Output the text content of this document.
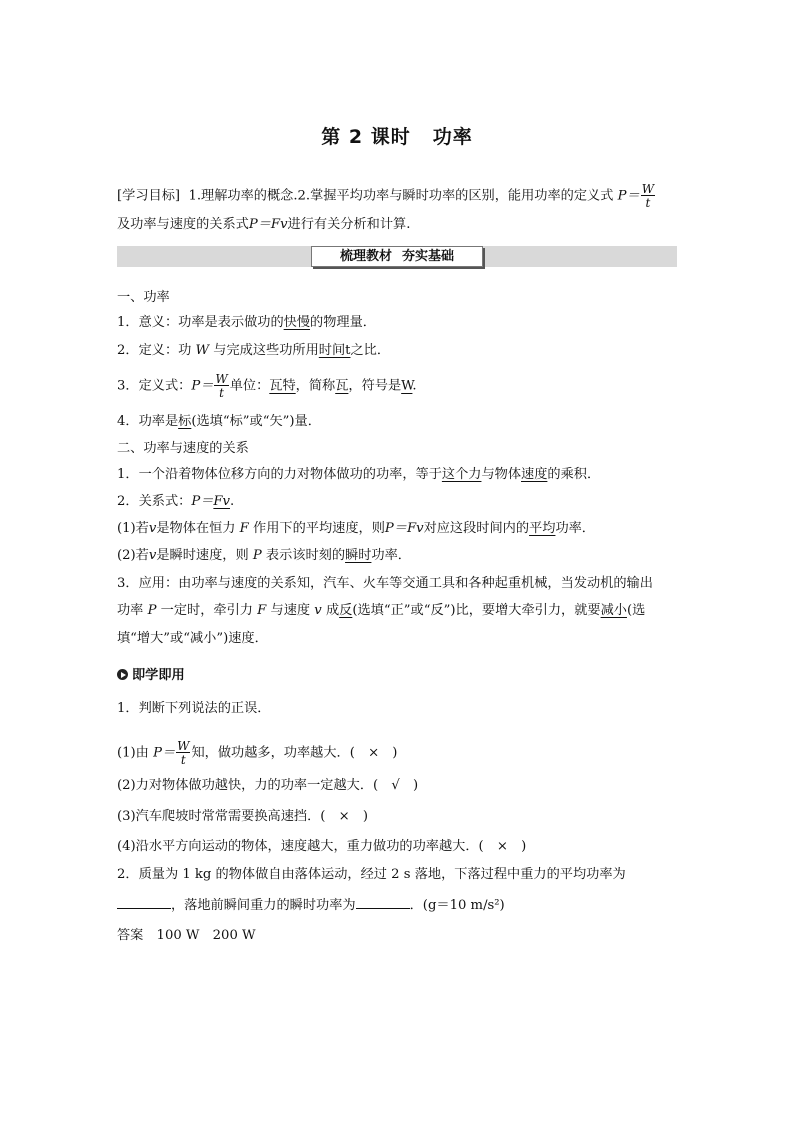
第 2 课时 功率
[学习目标] 1.理解功率的概念.2.掌握平均功率与瞬时功率的区别，能用功率的定义式 $P= \frac{W}{t}$
及功率与速度的关系式P＝Fv进行有关分析和计算.
梳理教材 夯实基础
一、功率
1．意义：功率是表示做功的快慢的物理量．
2．定义：功 W 与完成这些功所用时间t之比．
3．定义式：$P= \frac{W}{t}$ 单位：瓦特，简称瓦，符号是W.
4．功率是标(选填“标”或“矢”)量．
二、功率与速度的关系
1．一个沿着物体位移方向的力对物体做功的功率，等于这个力与物体速度的乘积．
2．关系式：P＝Fv.
(1)若v是物体在恒力 F 作用下的平均速度，则P＝Fv对应这段时间内的平均功率．
(2)若v是瞬时速度，则 P 表示该时刻的瞬时功率．
3．应用：由功率与速度的关系知，汽车、火车等交通工具和各种起重机械，当发动机的输出
功率 P 一定时，牵引力 F 与速度 v 成反(选填“正”或“反”)比，要增大牵引力，就要减小(选
填“增大”或“减小”)速度．
即学即用
1．判断下列说法的正误．
(1)由 $P= \frac{W}{t}$ 知，做功越多，功率越大．(　×　)
(2)力对物体做功越快，力的功率一定越大．(　√　)
(3)汽车爬坡时常常需要换高速挡．(　×　)
(4)沿水平方向运动的物体，速度越大，重力做功的功率越大．(　×　)
2．质量为 1 kg 的物体做自由落体运动，经过 2 s 落地，下落过程中重力的平均功率为
，落地前瞬间重力的瞬时功率为	．(g＝10 m/s²)
答案　100 W　200 W
